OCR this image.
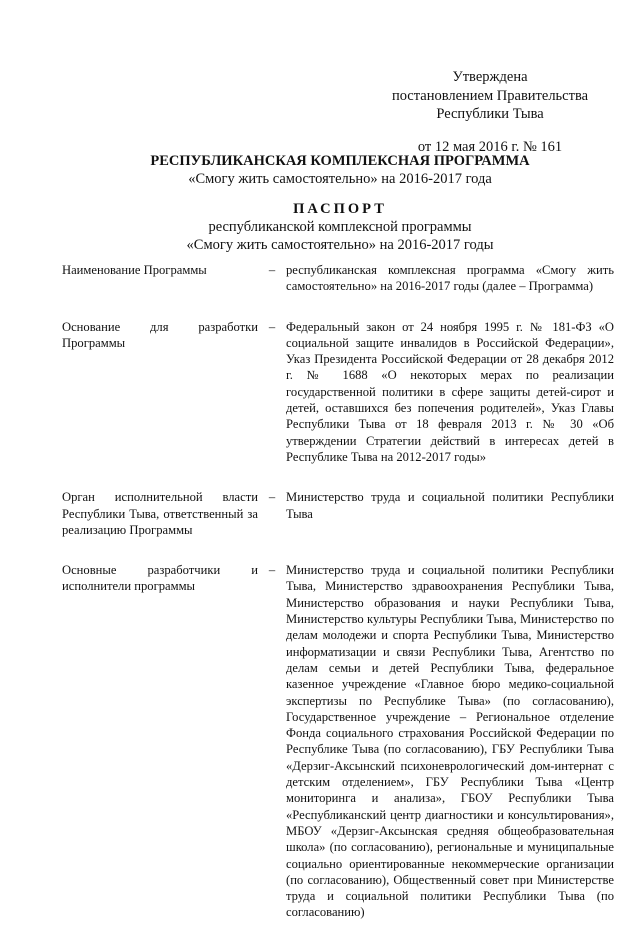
Утверждена
постановлением Правительства
Республики Тыва
от 12 мая 2016 г. № 161
РЕСПУБЛИКАНСКАЯ КОМПЛЕКСНАЯ ПРОГРАММА
«Смогу жить самостоятельно» на 2016-2017 года
ПАСПОРТ
республиканской комплексной программы
«Смогу жить самостоятельно» на 2016-2017 годы
Наименование Программы	– республиканская комплексная программа «Смогу жить самостоятельно» на 2016-2017 годы (далее – Программа)
Основание для разработки Программы
– Федеральный закон от 24 ноября 1995 г. № 181-ФЗ «О социальной защите инвалидов в Российской Федерации», Указ Президента Российской Федерации от 28 декабря 2012 г. № 1688 «О некоторых мерах по реализации государственной политики в сфере защиты детей-сирот и детей, оставшихся без попечения родителей», Указ Главы Республики Тыва от 18 февраля 2013 г. № 30 «Об утверждении Стратегии действий в интересах детей в Республике Тыва на 2012-2017 годы»
Орган исполнительной власти Республики Тыва, ответственный за реализацию Программы
– Министерство труда и социальной политики Республики Тыва
Основные разработчики и исполнители программы
– Министерство труда и социальной политики Республики Тыва, Министерство здравоохранения Республики Тыва, Министерство образования и науки Республики Тыва, Министерство культуры Республики Тыва, Министерство по делам молодежи и спорта Республики Тыва, Министерство информатизации и связи Республики Тыва, Агентство по делам семьи и детей Республики Тыва, федеральное казенное учреждение «Главное бюро медико-социальной экспертизы по Республике Тыва» (по согласованию), Государственное учреждение – Региональное отделение Фонда социального страхования Российской Федерации по Республике Тыва (по согласованию), ГБУ Республики Тыва «Дерзиг-Аксынский психоневрологический дом-интернат с детским отделением», ГБУ Республики Тыва «Центр мониторинга и анализа», ГБОУ Республики Тыва «Республиканский центр диагностики и консультирования», МБОУ «Дерзиг-Аксынская средняя общеобразовательная школа» (по согласованию), региональные и муниципальные социально ориентированные некоммерческие организации (по согласованию), Общественный совет при Министерстве труда и социальной политики Республики Тыва (по согласованию)
